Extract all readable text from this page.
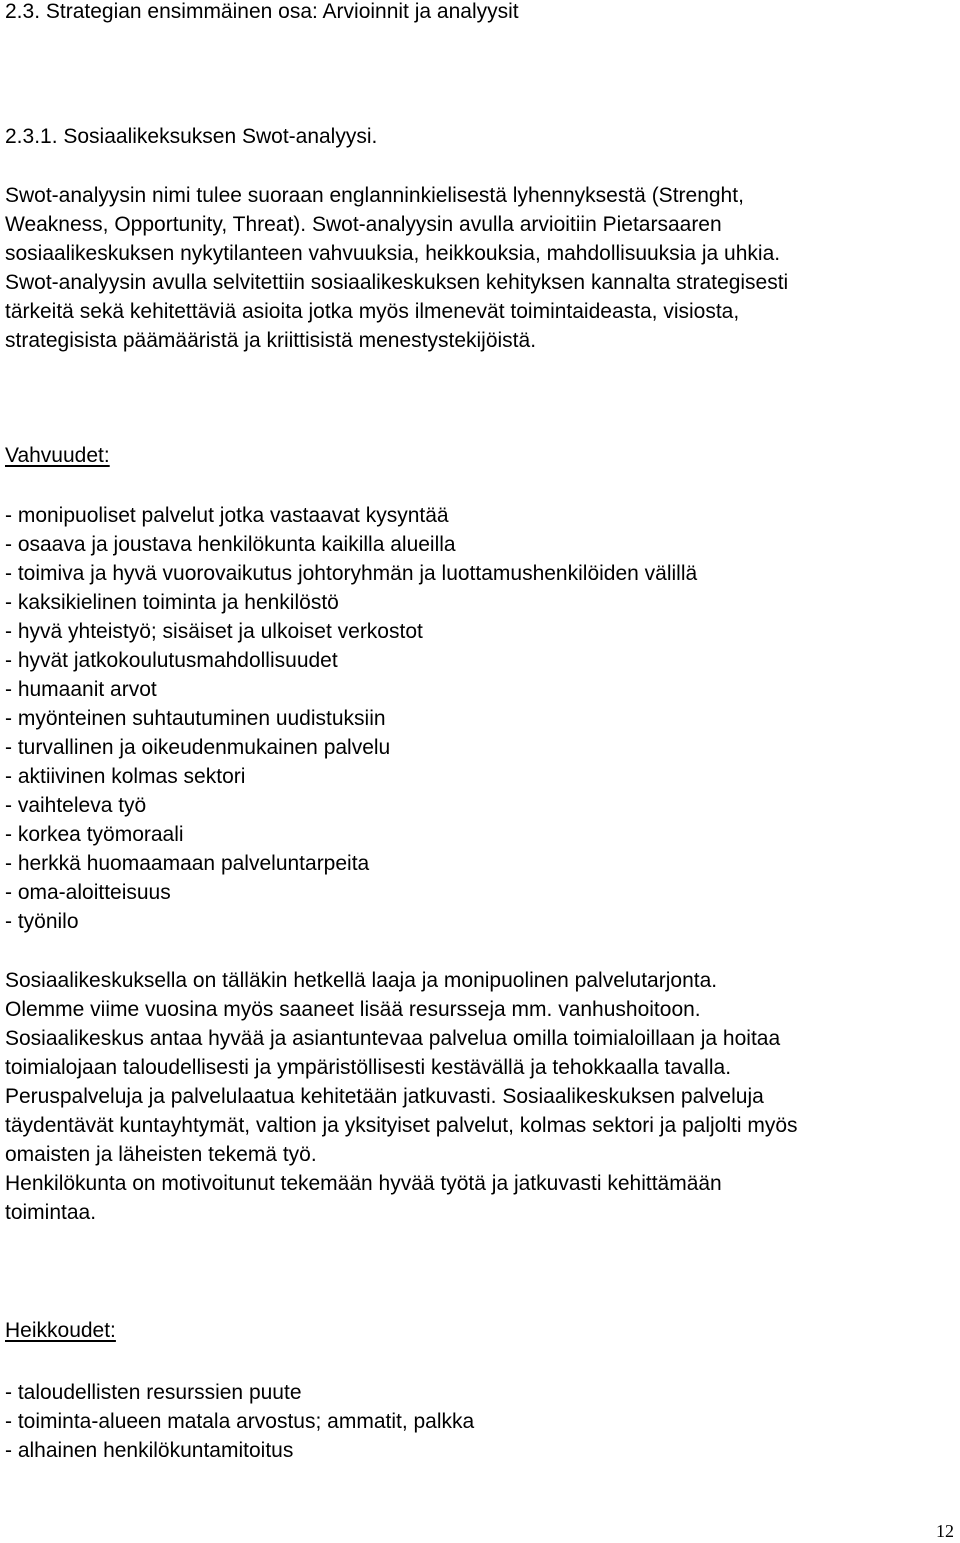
2.3. Strategian ensimmäinen osa: Arvioinnit ja analyysit
2.3.1. Sosiaalikeksuksen Swot-analyysi.
Swot-analyysin nimi tulee suoraan englanninkielisestä lyhennyksestä (Strenght,
Weakness, Opportunity, Threat). Swot-analyysin avulla arvioitiin Pietarsaaren
sosiaalikeskuksen nykytilanteen vahvuuksia, heikkouksia, mahdollisuuksia ja uhkia.
Swot-analyysin avulla selvitettiin sosiaalikeskuksen kehityksen kannalta strategisesti
tärkeitä sekä kehitettäviä asioita jotka myös ilmenevät toimintaideasta, visiosta,
strategisista päämääristä ja kriittisistä menestystekijöistä.
Vahvuudet:
- monipuoliset palvelut jotka vastaavat kysyntää
- osaava ja joustava henkilökunta kaikilla alueilla
- toimiva ja hyvä vuorovaikutus johtoryhmän ja luottamushenkilöiden välillä
- kaksikielinen toiminta ja henkilöstö
- hyvä yhteistyö; sisäiset ja ulkoiset verkostot
- hyvät jatkokoulutusmahdollisuudet
- humaanit arvot
- myönteinen suhtautuminen uudistuksiin
- turvallinen ja oikeudenmukainen palvelu
- aktiivinen kolmas sektori
- vaihteleva työ
- korkea työmoraali
- herkkä huomaamaan palveluntarpeita
- oma-aloitteisuus
- työnilo
Sosiaalikeskuksella on tälläkin hetkellä laaja ja monipuolinen palvelutarjonta.
Olemme viime vuosina myös saaneet lisää resursseja mm. vanhushoitoon.
Sosiaalikeskus antaa hyvää ja asiantuntevaa palvelua omilla toimialoillaan ja hoitaa
toimialojaan taloudellisesti ja ympäristöllisesti kestävällä ja tehokkaalla tavalla.
Peruspalveluja ja palvelulaatua kehitetään jatkuvasti. Sosiaalikeskuksen palveluja
täydentävät kuntayhtymät, valtion ja yksityiset palvelut, kolmas sektori ja paljolti myös
omaisten ja läheisten tekemä työ.
Henkilökunta on motivoitunut tekemään hyvää työtä ja jatkuvasti kehittämään
toimintaa.
Heikkoudet:
- taloudellisten resurssien puute
- toiminta-alueen matala arvostus; ammatit, palkka
- alhainen henkilökuntamitoitus
12
